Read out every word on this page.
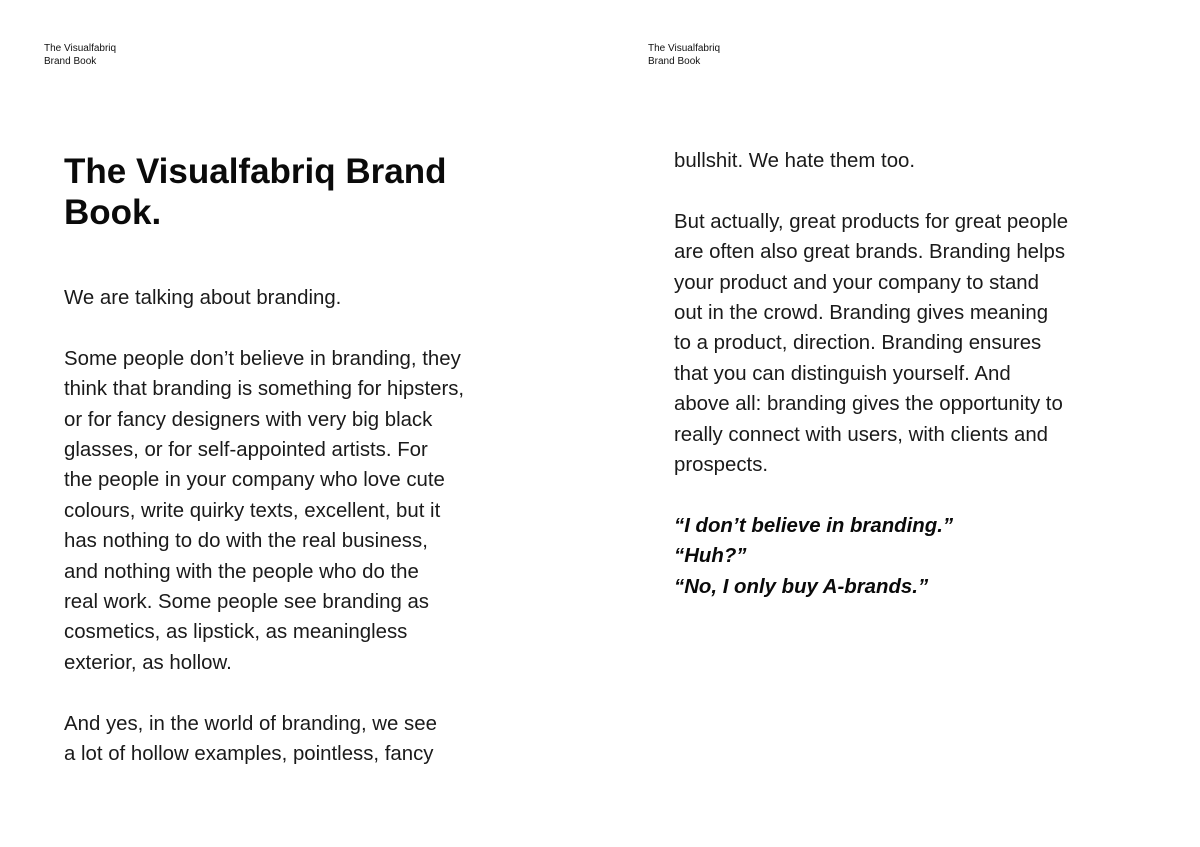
The Visualfabriq
Brand Book
The Visualfabriq Brand
Book.

We are talking about branding.

Some people don’t believe in branding, they
think that branding is something for hipsters,
or for fancy designers with very big black
glasses, or for self-appointed artists. For
the people in your company who love cute
colours, write quirky texts, excellent, but it
has nothing to do with the real business,
and nothing with the people who do the
real work. Some people see branding as
cosmetics, as lipstick, as meaningless
exterior, as hollow.

And yes, in the world of branding, we see
a lot of hollow examples, pointless, fancy

The Visualfabriq
Brand Book

bullshit. We hate them too.

But actually, great products for great people
are often also great brands. Branding helps
your product and your company to stand
out in the crowd. Branding gives meaning
to a product, direction. Branding ensures
that you can distinguish yourself. And
above all: branding gives the opportunity to
really connect with users, with clients and
prospects.

“I don’t believe in branding.”
“Huh?”
“No, I only buy A-brands.”
